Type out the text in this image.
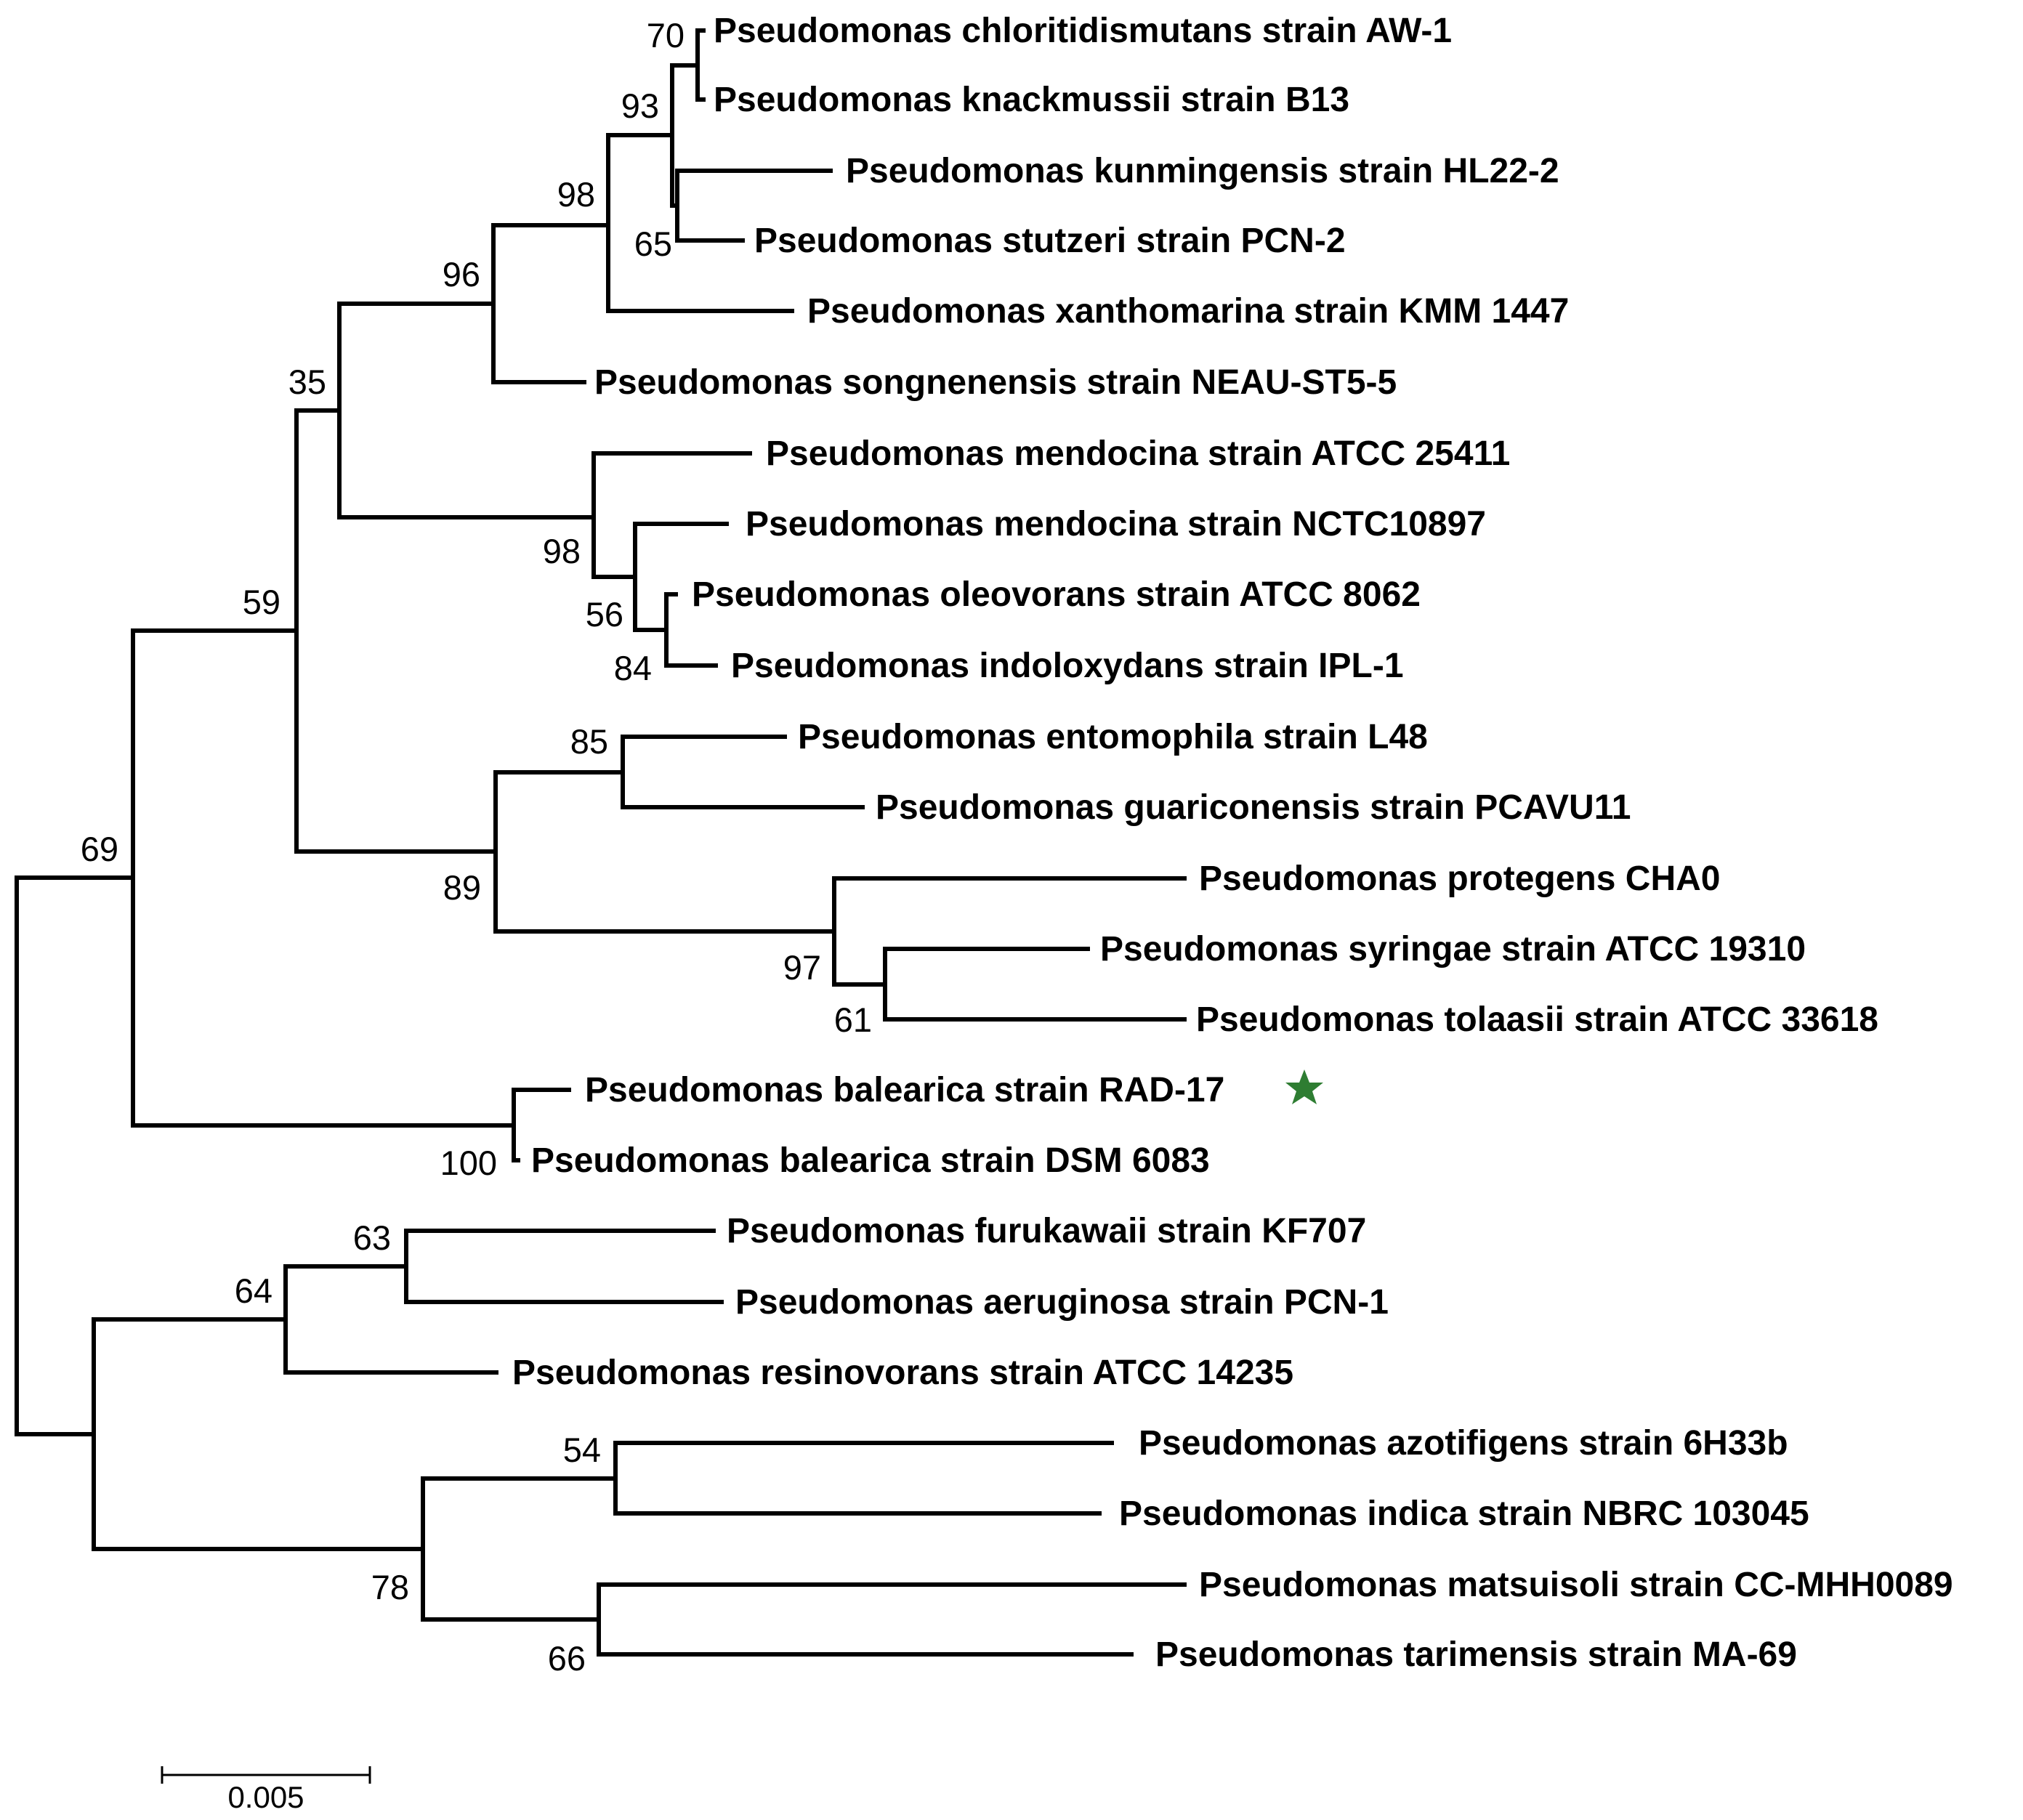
Pseudomonas chloritidismutans strain AW-1
Pseudomonas knackmussii strain B13
Pseudomonas kunmingensis strain HL22-2
Pseudomonas stutzeri strain PCN-2
Pseudomonas xanthomarina strain KMM 1447
Pseudomonas songnenensis strain NEAU-ST5-5
Pseudomonas mendocina strain ATCC 25411
Pseudomonas mendocina strain NCTC10897
Pseudomonas oleovorans strain ATCC 8062
Pseudomonas indoloxydans strain IPL-1
Pseudomonas entomophila strain L48
Pseudomonas guariconensis strain PCAVU11
Pseudomonas protegens CHA0
Pseudomonas syringae strain ATCC 19310
Pseudomonas tolaasii strain ATCC 33618
Pseudomonas balearica strain RAD-17
Pseudomonas balearica strain DSM 6083
Pseudomonas furukawaii strain KF707
Pseudomonas aeruginosa strain PCN-1
Pseudomonas resinovorans strain ATCC 14235
Pseudomonas azotifigens strain 6H33b
Pseudomonas indica strain NBRC 103045
Pseudomonas matsuisoli strain CC-MHH0089
Pseudomonas tarimensis strain MA-69
70
93
65
98
96
98
56
84
35
85
97
61
89
59
100
69
63
64
54
66
78
0.005
